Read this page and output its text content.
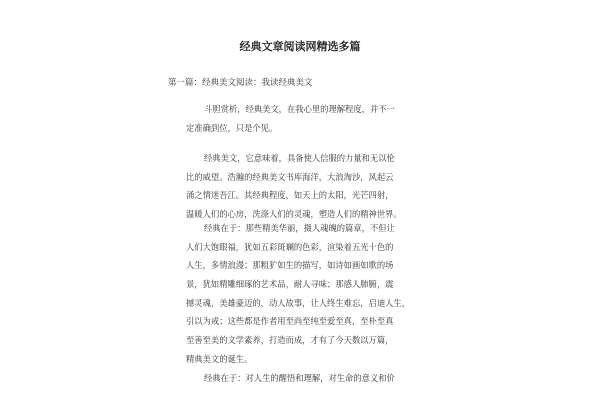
经典文章阅读网精选多篇
第一篇：经典美文阅读：我读经典美文
斗胆赏析，经典美文，在我心里的理解程度，并不一
定准确到位，只是个见。
经典美文，它意味着，具备使人信服的力量和无以伦
比的威望。浩瀚的经典美文书库海洋，大浪淘沙，风起云
涌之情迷吾江。其经典程度，如天上的太阳，光芒四射，
温暖人们的心房，洗涤人们的灵魂，塑造人们的精神世界。
经典在于：那些精美华丽，摄人魂魄的篇章，不但让
人们大饱眼福，犹如五彩斑斓的色彩，渲染着五光十色的
人生，多情浪漫；那粗犷如生的描写，如诗如画如歌的场
景，犹如精雕细琢的艺术品，耐人寻味；那感人肺腑，震
撼灵魂，美雄豪迈的，动人故事，让人终生难忘，启迪人生，
引以为戒；这些都是作者用至尚至纯至爱至真，至朴至真
至善至美的文学素养，打造而成，才有了今天数以万篇，
精典美文的诞生。
经典在于：对人生的醒悟和理解，对生命的意义和价
